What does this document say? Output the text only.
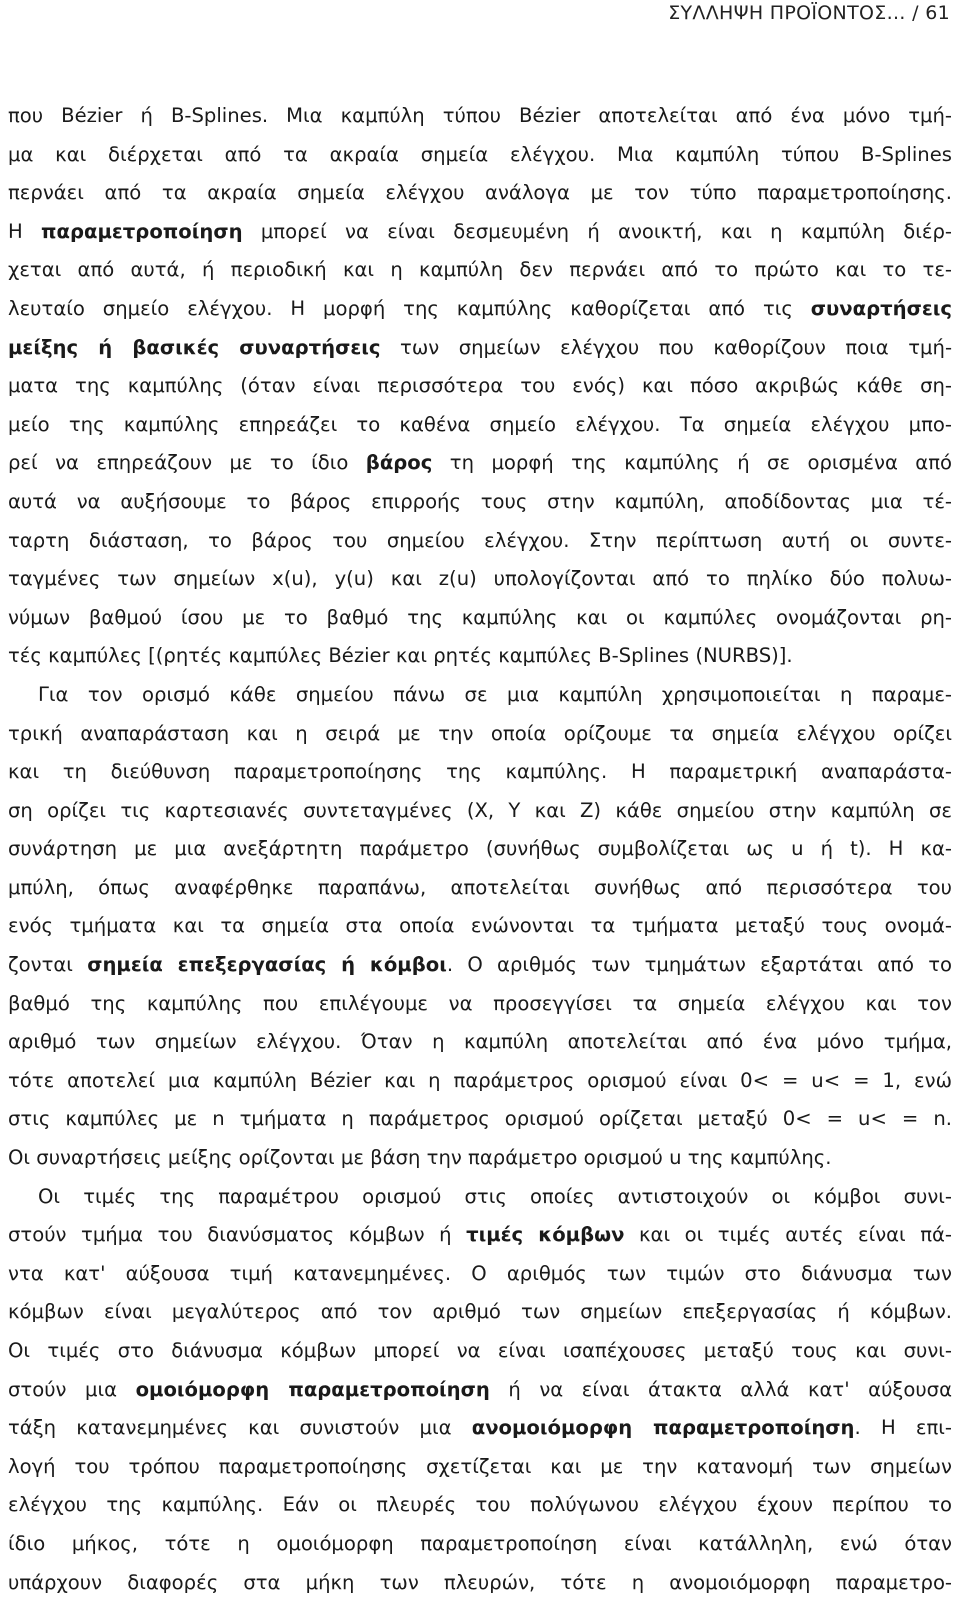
ΣΥΛΛΗΨΗ ΠΡΟΪΟΝΤΟΣ… / 61
που Bézier ή B-Splines. Μια καμπύλη τύπου Bézier αποτελείται από ένα μόνο τμή-
μα και διέρχεται από τα ακραία σημεία ελέγχου. Μια καμπύλη τύπου B-Splines
περνάει από τα ακραία σημεία ελέγχου ανάλογα με τον τύπο παραμετροποίησης.
Η παραμετροποίηση μπορεί να είναι δεσμευμένη ή ανοικτή, και η καμπύλη διέρ-
χεται από αυτά, ή περιοδική και η καμπύλη δεν περνάει από το πρώτο και το τε-
λευταίο σημείο ελέγχου. Η μορφή της καμπύλης καθορίζεται από τις συναρτήσεις
μείξης ή βασικές συναρτήσεις των σημείων ελέγχου που καθορίζουν ποια τμή-
ματα της καμπύλης (όταν είναι περισσότερα του ενός) και πόσο ακριβώς κάθε ση-
μείο της καμπύλης επηρεάζει το καθένα σημείο ελέγχου. Τα σημεία ελέγχου μπο-
ρεί να επηρεάζουν με το ίδιο βάρος τη μορφή της καμπύλης ή σε ορισμένα από
αυτά να αυξήσουμε το βάρος επιρροής τους στην καμπύλη, αποδίδοντας μια τέ-
ταρτη διάσταση, το βάρος του σημείου ελέγχου. Στην περίπτωση αυτή οι συντε-
ταγμένες των σημείων x(u), y(u) και z(u) υπολογίζονται από το πηλίκο δύο πολυω-
νύμων βαθμού ίσου με το βαθμό της καμπύλης και οι καμπύλες ονομάζονται ρη-
τές καμπύλες [(ρητές καμπύλες Bézier και ρητές καμπύλες B-Splines (NURBS)].
Για τον ορισμό κάθε σημείου πάνω σε μια καμπύλη χρησιμοποιείται η παραμε-
τρική αναπαράσταση και η σειρά με την οποία ορίζουμε τα σημεία ελέγχου ορίζει
και τη διεύθυνση παραμετροποίησης της καμπύλης. Η παραμετρική αναπαράστα-
ση ορίζει τις καρτεσιανές συντεταγμένες (X, Y και Z) κάθε σημείου στην καμπύλη σε
συνάρτηση με μια ανεξάρτητη παράμετρο (συνήθως συμβολίζεται ως u ή t). Η κα-
μπύλη, όπως αναφέρθηκε παραπάνω, αποτελείται συνήθως από περισσότερα του
ενός τμήματα και τα σημεία στα οποία ενώνονται τα τμήματα μεταξύ τους ονομά-
ζονται σημεία επεξεργασίας ή κόμβοι. Ο αριθμός των τμημάτων εξαρτάται από το
βαθμό της καμπύλης που επιλέγουμε να προσεγγίσει τα σημεία ελέγχου και τον
αριθμό των σημείων ελέγχου. Όταν η καμπύλη αποτελείται από ένα μόνο τμήμα,
τότε αποτελεί μια καμπύλη Bézier και η παράμετρος ορισμού είναι 0< = u< = 1, ενώ
στις καμπύλες με n τμήματα η παράμετρος ορισμού ορίζεται μεταξύ 0< = u< = n.
Οι συναρτήσεις μείξης ορίζονται με βάση την παράμετρο ορισμού u της καμπύλης.
Οι τιμές της παραμέτρου ορισμού στις οποίες αντιστοιχούν οι κόμβοι συνι-
στούν τμήμα του διανύσματος κόμβων ή τιμές κόμβων και οι τιμές αυτές είναι πά-
ντα κατ' αύξουσα τιμή κατανεμημένες. Ο αριθμός των τιμών στο διάνυσμα των
κόμβων είναι μεγαλύτερος από τον αριθμό των σημείων επεξεργασίας ή κόμβων.
Οι τιμές στο διάνυσμα κόμβων μπορεί να είναι ισαπέχουσες μεταξύ τους και συνι-
στούν μια ομοιόμορφη παραμετροποίηση ή να είναι άτακτα αλλά κατ' αύξουσα
τάξη κατανεμημένες και συνιστούν μια ανομοιόμορφη παραμετροποίηση. Η επι-
λογή του τρόπου παραμετροποίησης σχετίζεται και με την κατανομή των σημείων
ελέγχου της καμπύλης. Εάν οι πλευρές του πολύγωνου ελέγχου έχουν περίπου το
ίδιο μήκος, τότε η ομοιόμορφη παραμετροποίηση είναι κατάλληλη, ενώ όταν
υπάρχουν διαφορές στα μήκη των πλευρών, τότε η ανομοιόμορφη παραμετρο-
